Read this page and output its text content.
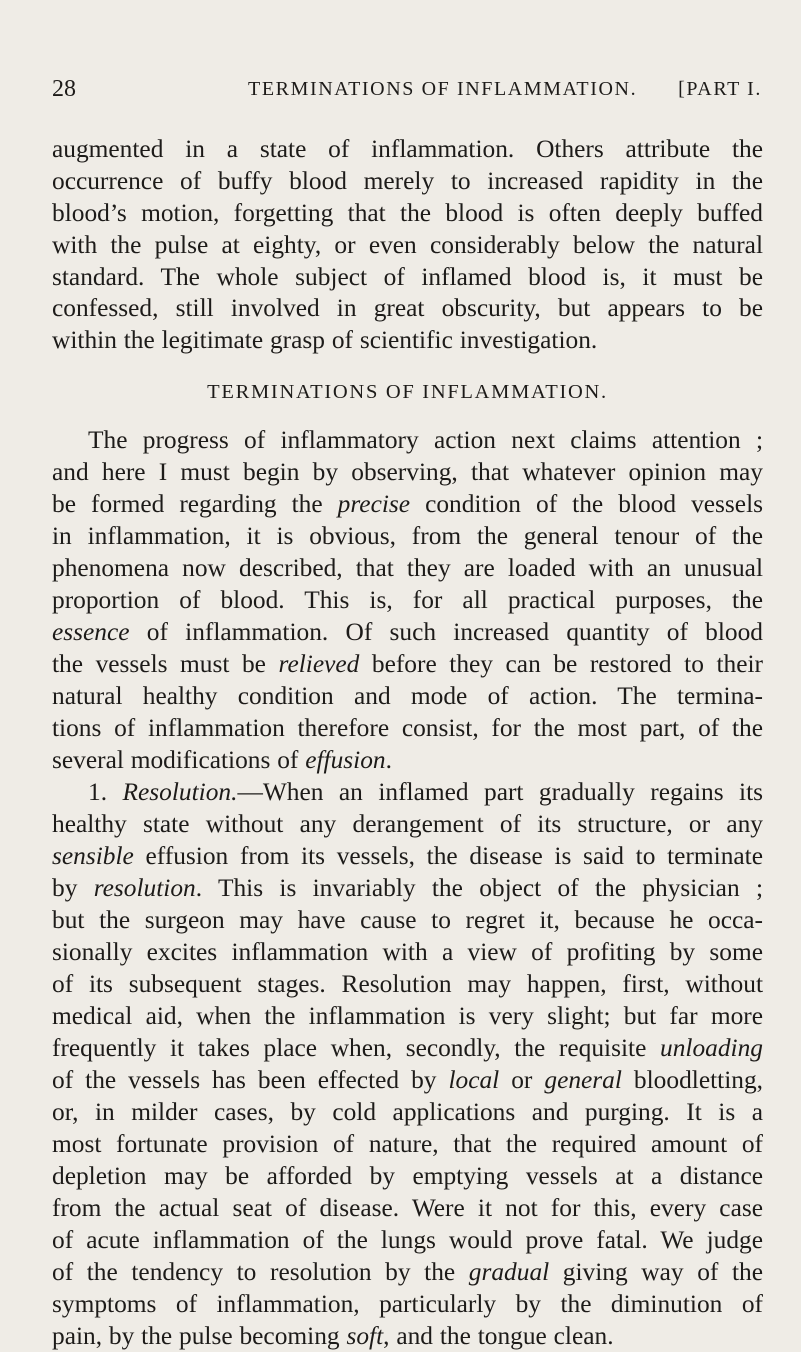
28	TERMINATIONS OF INFLAMMATION. [PART I.
augmented in a state of inflammation. Others attribute the
occurrence of buffy blood merely to increased rapidity in the
blood’s motion, forgetting that the blood is often deeply buffed
with the pulse at eighty, or even considerably below the natural
standard. The whole subject of inflamed blood is, it must be
confessed, still involved in great obscurity, but appears to be
within the legitimate grasp of scientific investigation.
TERMINATIONS OF INFLAMMATION.
The progress of inflammatory action next claims attention ;
and here I must begin by observing, that whatever opinion may
be formed regarding the precise condition of the blood vessels
in inflammation, it is obvious, from the general tenour of the
phenomena now described, that they are loaded with an unusual
proportion of blood. This is, for all practical purposes, the
essence of inflammation. Of such increased quantity of blood
the vessels must be relieved before they can be restored to their
natural healthy condition and mode of action. The termina-
tions of inflammation therefore consist, for the most part, of the
several modifications of effusion.
1. Resolution.—When an inflamed part gradually regains its
healthy state without any derangement of its structure, or any
sensible effusion from its vessels, the disease is said to terminate
by resolution. This is invariably the object of the physician ;
but the surgeon may have cause to regret it, because he occa-
sionally excites inflammation with a view of profiting by some
of its subsequent stages. Resolution may happen, first, without
medical aid, when the inflammation is very slight; but far more
frequently it takes place when, secondly, the requisite unloading
of the vessels has been effected by local or general bloodletting,
or, in milder cases, by cold applications and purging. It is a
most fortunate provision of nature, that the required amount of
depletion may be afforded by emptying vessels at a distance
from the actual seat of disease. Were it not for this, every case
of acute inflammation of the lungs would prove fatal. We judge
of the tendency to resolution by the gradual giving way of the
symptoms of inflammation, particularly by the diminution of
pain, by the pulse becoming soft, and the tongue clean.
